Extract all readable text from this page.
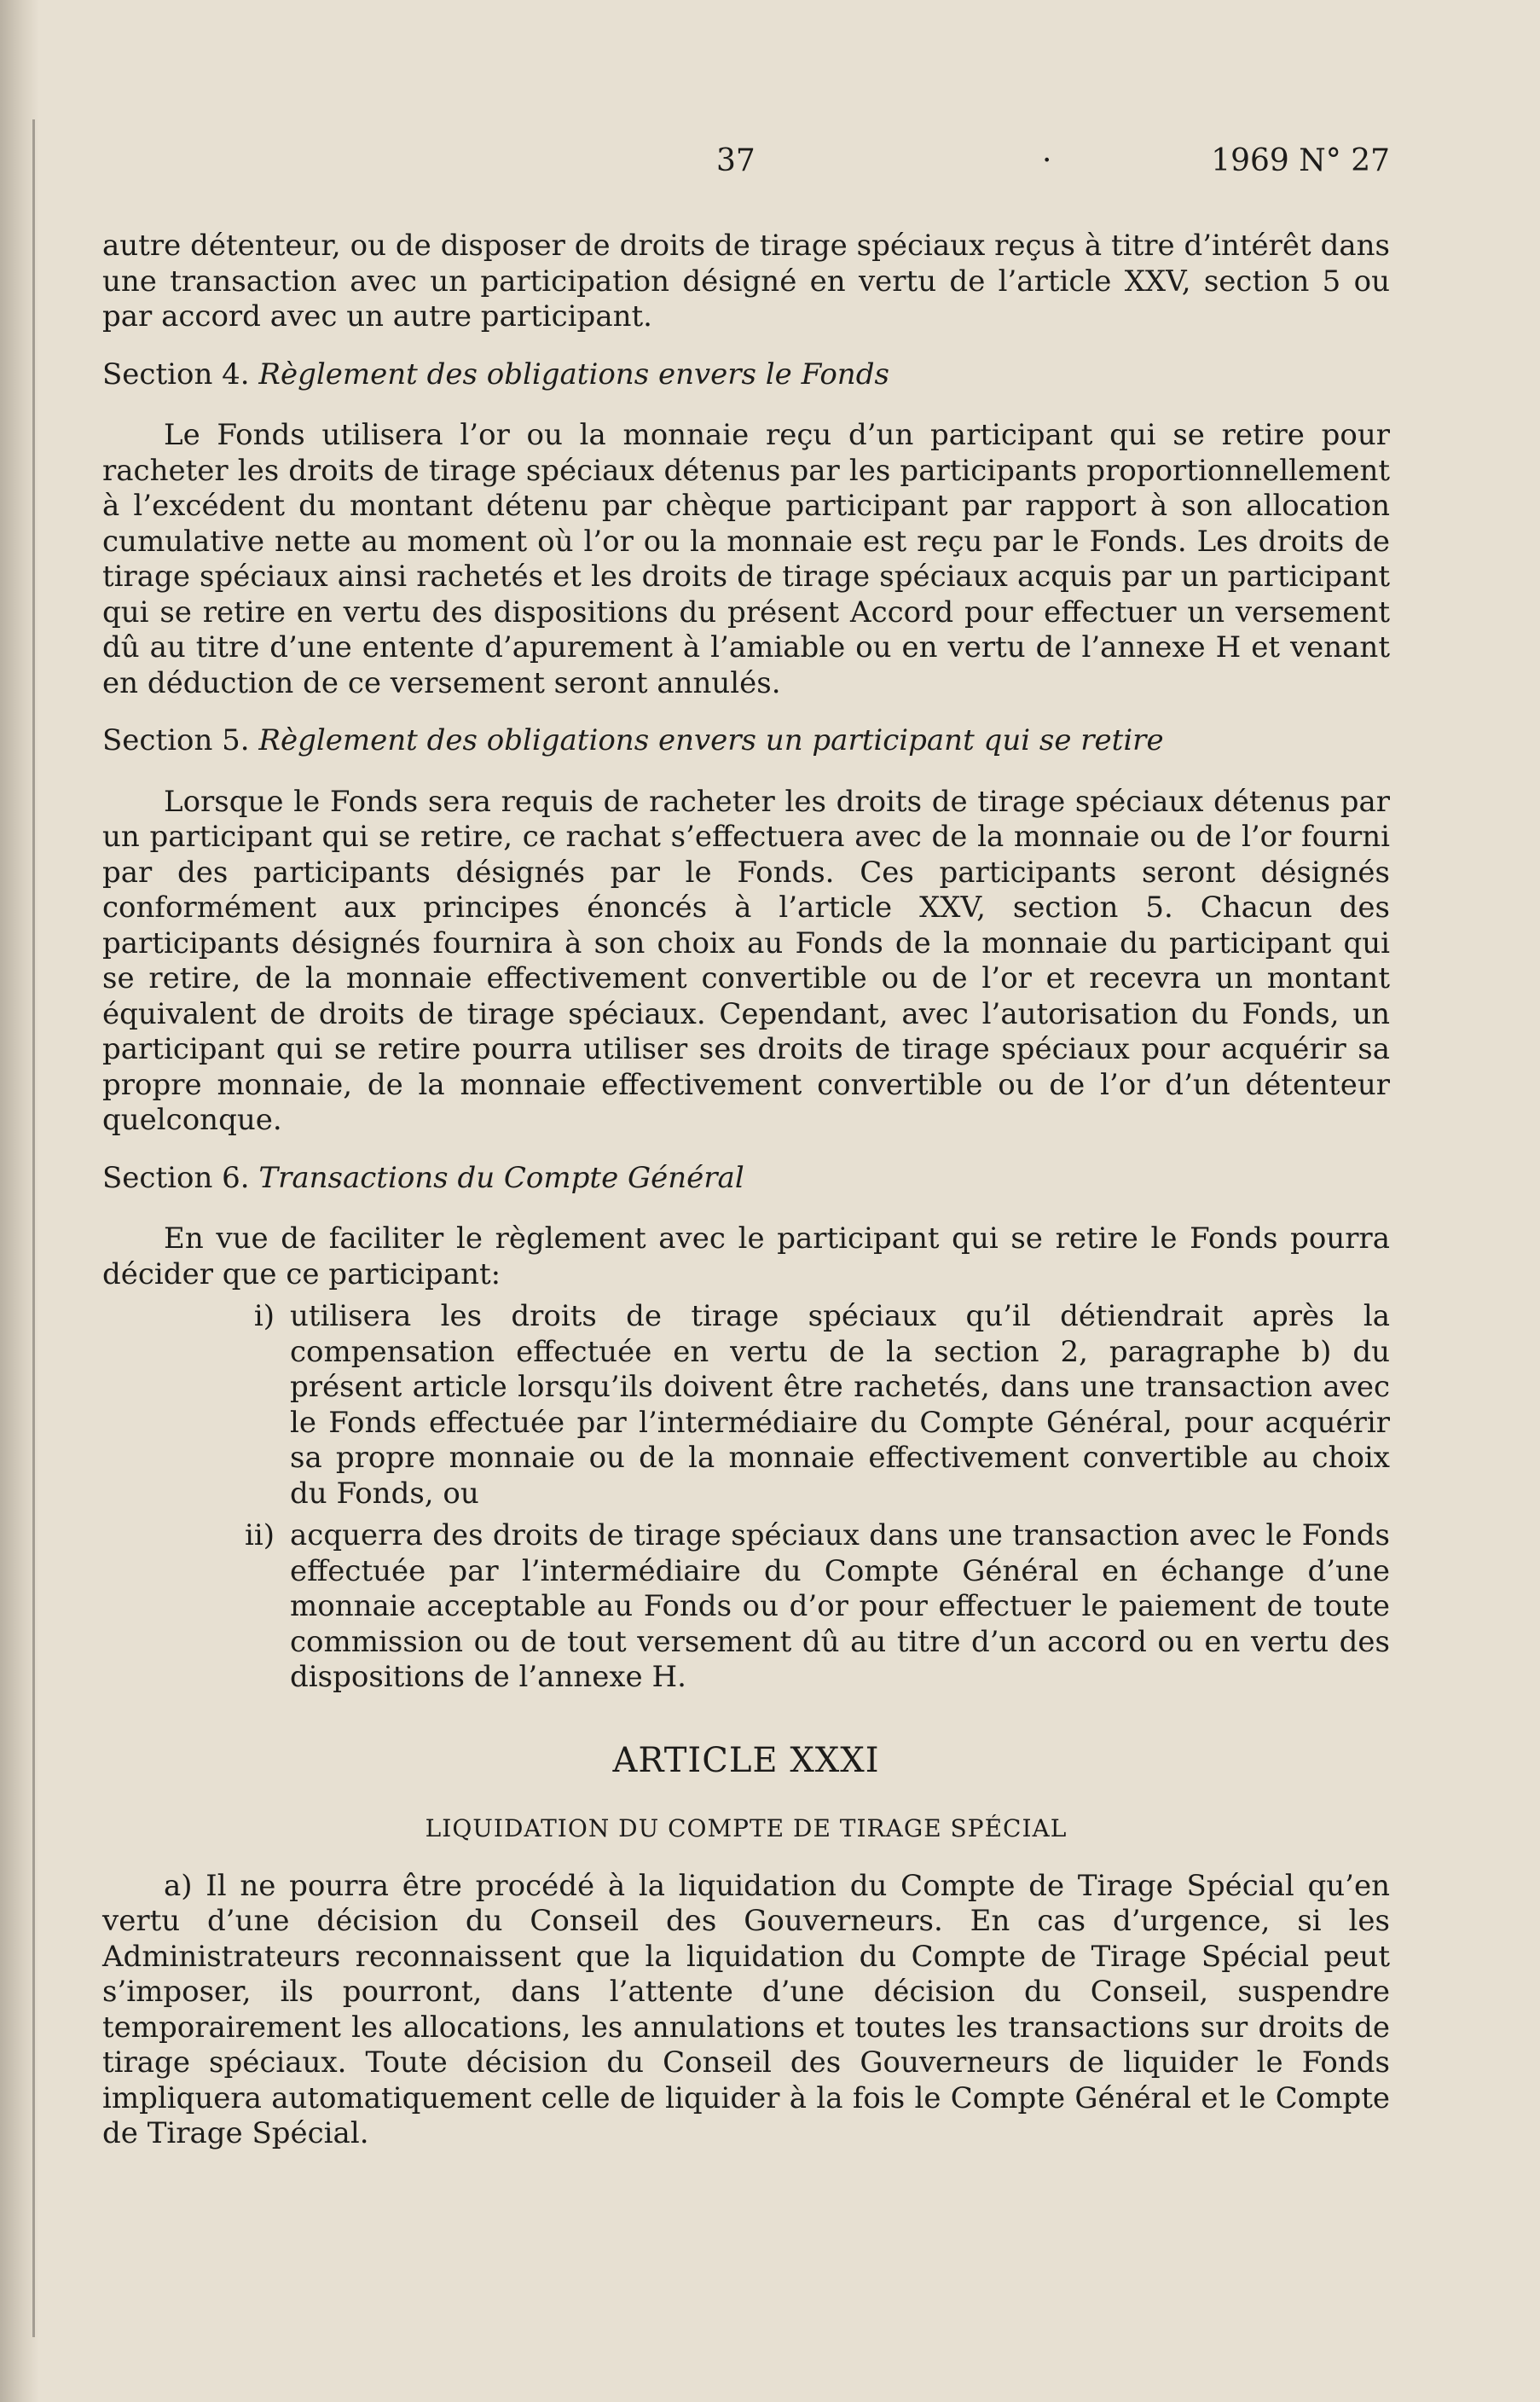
37	·	1969 N° 27

autre détenteur, ou de disposer de droits de tirage spéciaux reçus à titre d’intérêt dans une transaction avec un participation désigné en vertu de l’article XXV, section 5 ou par accord avec un autre participant.

Section 4. Règlement des obligations envers le Fonds

Le Fonds utilisera l’or ou la monnaie reçu d’un participant qui se retire pour racheter les droits de tirage spéciaux détenus par les participants proportionnellement à l’excédent du montant détenu par chèque participant par rapport à son allocation cumulative nette au moment où l’or ou la monnaie est reçu par le Fonds. Les droits de tirage spéciaux ainsi rachetés et les droits de tirage spéciaux acquis par un participant qui se retire en vertu des dispositions du présent Accord pour effectuer un versement dû au titre d’une entente d’apurement à l’amiable ou en vertu de l’annexe H et venant en déduction de ce versement seront annulés.

Section 5. Règlement des obligations envers un participant qui se retire

Lorsque le Fonds sera requis de racheter les droits de tirage spéciaux détenus par un participant qui se retire, ce rachat s’effectuera avec de la monnaie ou de l’or fourni par des participants désignés par le Fonds. Ces participants seront désignés conformément aux principes énoncés à l’article XXV, section 5. Chacun des participants désignés fournira à son choix au Fonds de la monnaie du participant qui se retire, de la monnaie effectivement convertible ou de l’or et recevra un montant équivalent de droits de tirage spéciaux. Cependant, avec l’autorisation du Fonds, un participant qui se retire pourra utiliser ses droits de tirage spéciaux pour acquérir sa propre monnaie, de la monnaie effectivement convertible ou de l’or d’un détenteur quelconque.

Section 6. Transactions du Compte Général

En vue de faciliter le règlement avec le participant qui se retire le Fonds pourra décider que ce participant:

i) utilisera les droits de tirage spéciaux qu’il détiendrait après la compensation effectuée en vertu de la section 2, paragraphe b) du présent article lorsqu’ils doivent être rachetés, dans une transaction avec le Fonds effectuée par l’intermédiaire du Compte Général, pour acquérir sa propre monnaie ou de la monnaie effectivement convertible au choix du Fonds, ou
ii) acquerra des droits de tirage spéciaux dans une transaction avec le Fonds effectuée par l’intermédiaire du Compte Général en échange d’une monnaie acceptable au Fonds ou d’or pour effectuer le paiement de toute commission ou de tout versement dû au titre d’un accord ou en vertu des dispositions de l’annexe H.
ARTICLE XXXI
LIQUIDATION DU COMPTE DE TIRAGE SPÉCIAL

a) Il ne pourra être procédé à la liquidation du Compte de Tirage Spécial qu’en vertu d’une décision du Conseil des Gouverneurs. En cas d’urgence, si les Administrateurs reconnaissent que la liquidation du Compte de Tirage Spécial peut s’imposer, ils pourront, dans l’attente d’une décision du Conseil, suspendre temporairement les allocations, les annulations et toutes les transactions sur droits de tirage spéciaux. Toute décision du Conseil des Gouverneurs de liquider le Fonds impliquera automatiquement celle de liquider à la fois le Compte Général et le Compte de Tirage Spécial.
